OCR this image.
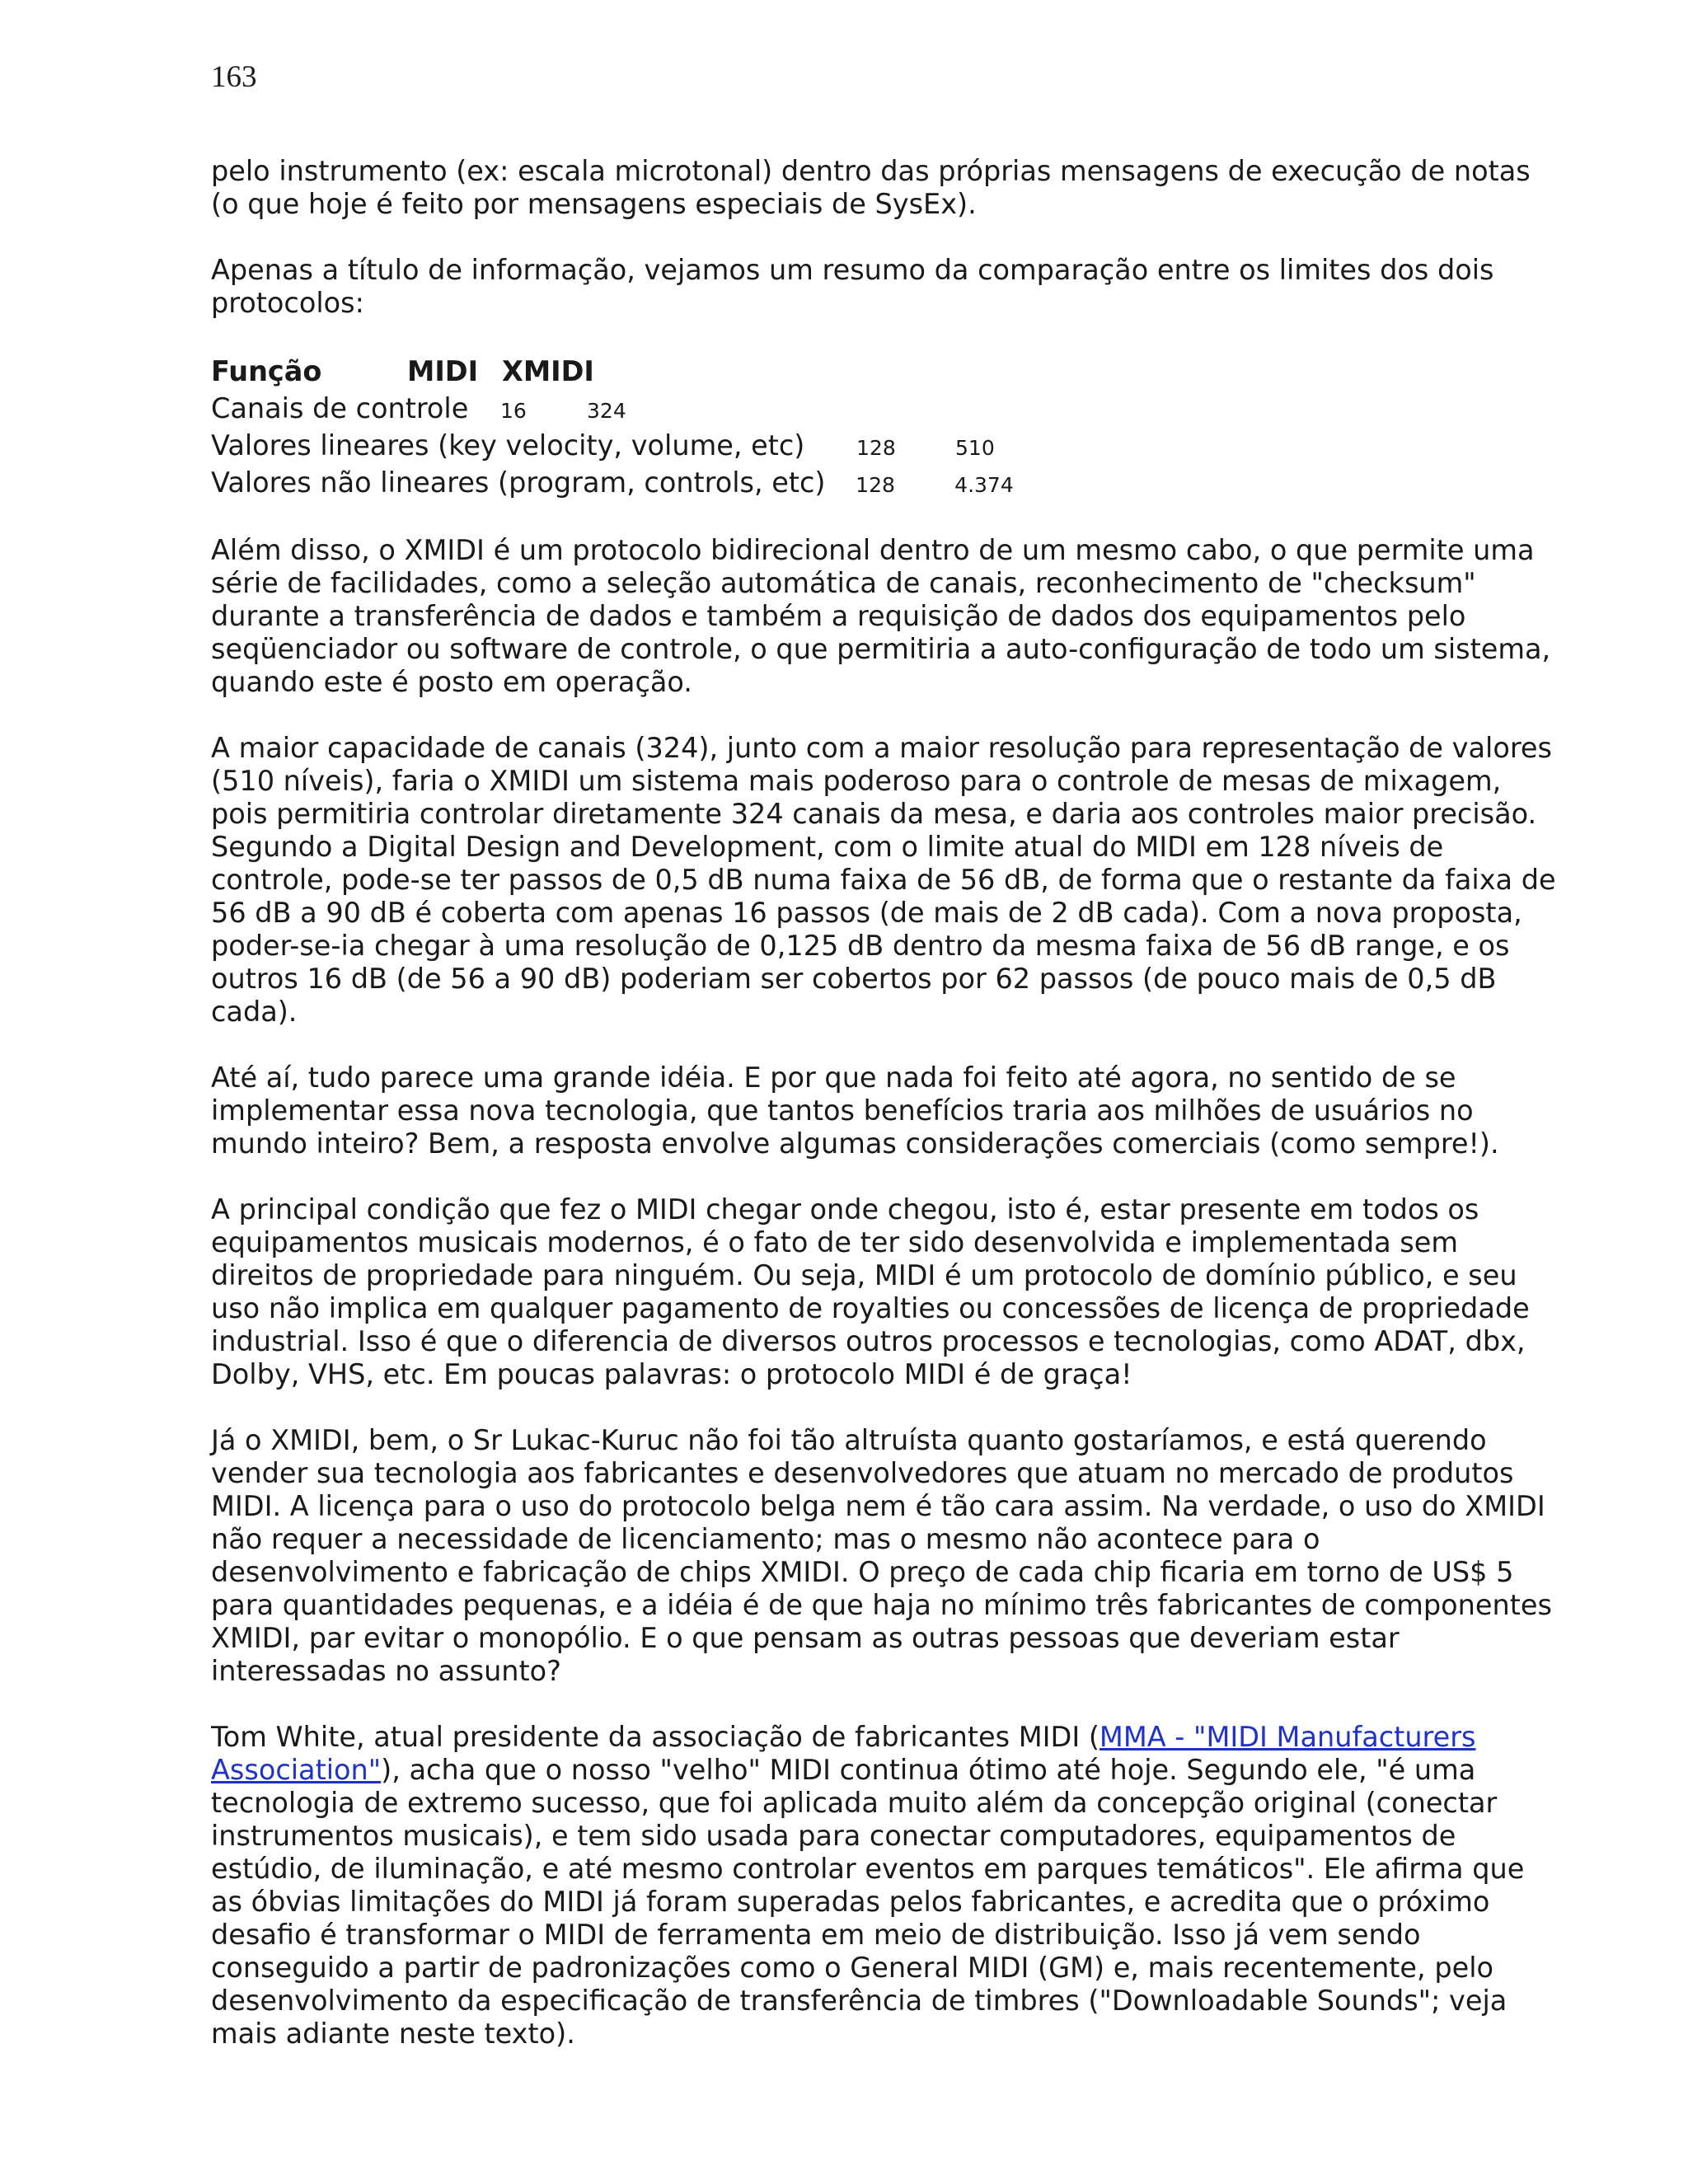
163

pelo instrumento (ex: escala microtonal) dentro das próprias mensagens de execução de notas (o que hoje é feito por mensagens especiais de SysEx).

Apenas a título de informação, vejamos um resumo da comparação entre os limites dos dois protocolos:

Função	MIDI XMIDI
Canais de controle 16	324
Valores lineares (key velocity, volume, etc)	128	510
Valores não lineares (program, controls, etc) 128	4.374

Além disso, o XMIDI é um protocolo bidirecional dentro de um mesmo cabo, o que permite uma série de facilidades, como a seleção automática de canais, reconhecimento de "checksum" durante a transferência de dados e também a requisição de dados dos equipamentos pelo seqüenciador ou software de controle, o que permitiria a auto-configuração de todo um sistema, quando este é posto em operação.

A maior capacidade de canais (324), junto com a maior resolução para representação de valores (510 níveis), faria o XMIDI um sistema mais poderoso para o controle de mesas de mixagem, pois permitiria controlar diretamente 324 canais da mesa, e daria aos controles maior precisão. Segundo a Digital Design and Development, com o limite atual do MIDI em 128 níveis de controle, pode-se ter passos de 0,5 dB numa faixa de 56 dB, de forma que o restante da faixa de 56 dB a 90 dB é coberta com apenas 16 passos (de mais de 2 dB cada). Com a nova proposta, poder-se-ia chegar à uma resolução de 0,125 dB dentro da mesma faixa de 56 dB range, e os outros 16 dB (de 56 a 90 dB) poderiam ser cobertos por 62 passos (de pouco mais de 0,5 dB cada).

Até aí, tudo parece uma grande idéia. E por que nada foi feito até agora, no sentido de se implementar essa nova tecnologia, que tantos benefícios traria aos milhões de usuários no mundo inteiro? Bem, a resposta envolve algumas considerações comerciais (como sempre!).

A principal condição que fez o MIDI chegar onde chegou, isto é, estar presente em todos os equipamentos musicais modernos, é o fato de ter sido desenvolvida e implementada sem direitos de propriedade para ninguém. Ou seja, MIDI é um protocolo de domínio público, e seu uso não implica em qualquer pagamento de royalties ou concessões de licença de propriedade industrial. Isso é que o diferencia de diversos outros processos e tecnologias, como ADAT, dbx, Dolby, VHS, etc. Em poucas palavras: o protocolo MIDI é de graça!

Já o XMIDI, bem, o Sr Lukac-Kuruc não foi tão altruísta quanto gostaríamos, e está querendo vender sua tecnologia aos fabricantes e desenvolvedores que atuam no mercado de produtos MIDI. A licença para o uso do protocolo belga nem é tão cara assim. Na verdade, o uso do XMIDI não requer a necessidade de licenciamento; mas o mesmo não acontece para o desenvolvimento e fabricação de chips XMIDI. O preço de cada chip ficaria em torno de US$ 5 para quantidades pequenas, e a idéia é de que haja no mínimo três fabricantes de componentes XMIDI, par evitar o monopólio. E o que pensam as outras pessoas que deveriam estar interessadas no assunto?

Tom White, atual presidente da associação de fabricantes MIDI (MMA - "MIDI Manufacturers Association"), acha que o nosso "velho" MIDI continua ótimo até hoje. Segundo ele, "é uma tecnologia de extremo sucesso, que foi aplicada muito além da concepção original (conectar instrumentos musicais), e tem sido usada para conectar computadores, equipamentos de estúdio, de iluminação, e até mesmo controlar eventos em parques temáticos". Ele afirma que as óbvias limitações do MIDI já foram superadas pelos fabricantes, e acredita que o próximo desafio é transformar o MIDI de ferramenta em meio de distribuição. Isso já vem sendo conseguido a partir de padronizações como o General MIDI (GM) e, mais recentemente, pelo desenvolvimento da especificação de transferência de timbres ("Downloadable Sounds"; veja mais adiante neste texto).
